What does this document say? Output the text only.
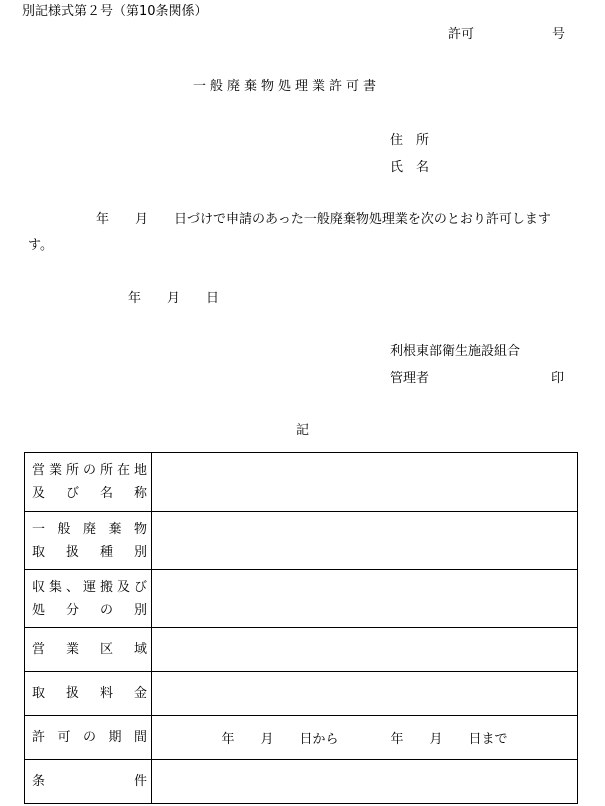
別記様式第２号（第10条関係）
許可	号
一般廃棄物処理業許可書
住　所
氏　名
年　　月　　日づけで申請のあった一般廃棄物処理業を次のとおり許可します
す。
年　　月　　日
利根東部衛生施設組合
管理者	印
記
営業所の所在地
及び名称	

一般廃棄物
取扱種別	

収集、運搬及び
処分の別	

営業区域	

取扱料金	

許可の期間	年　　月　　日から　　　　年　　月　　日まで

条件	
